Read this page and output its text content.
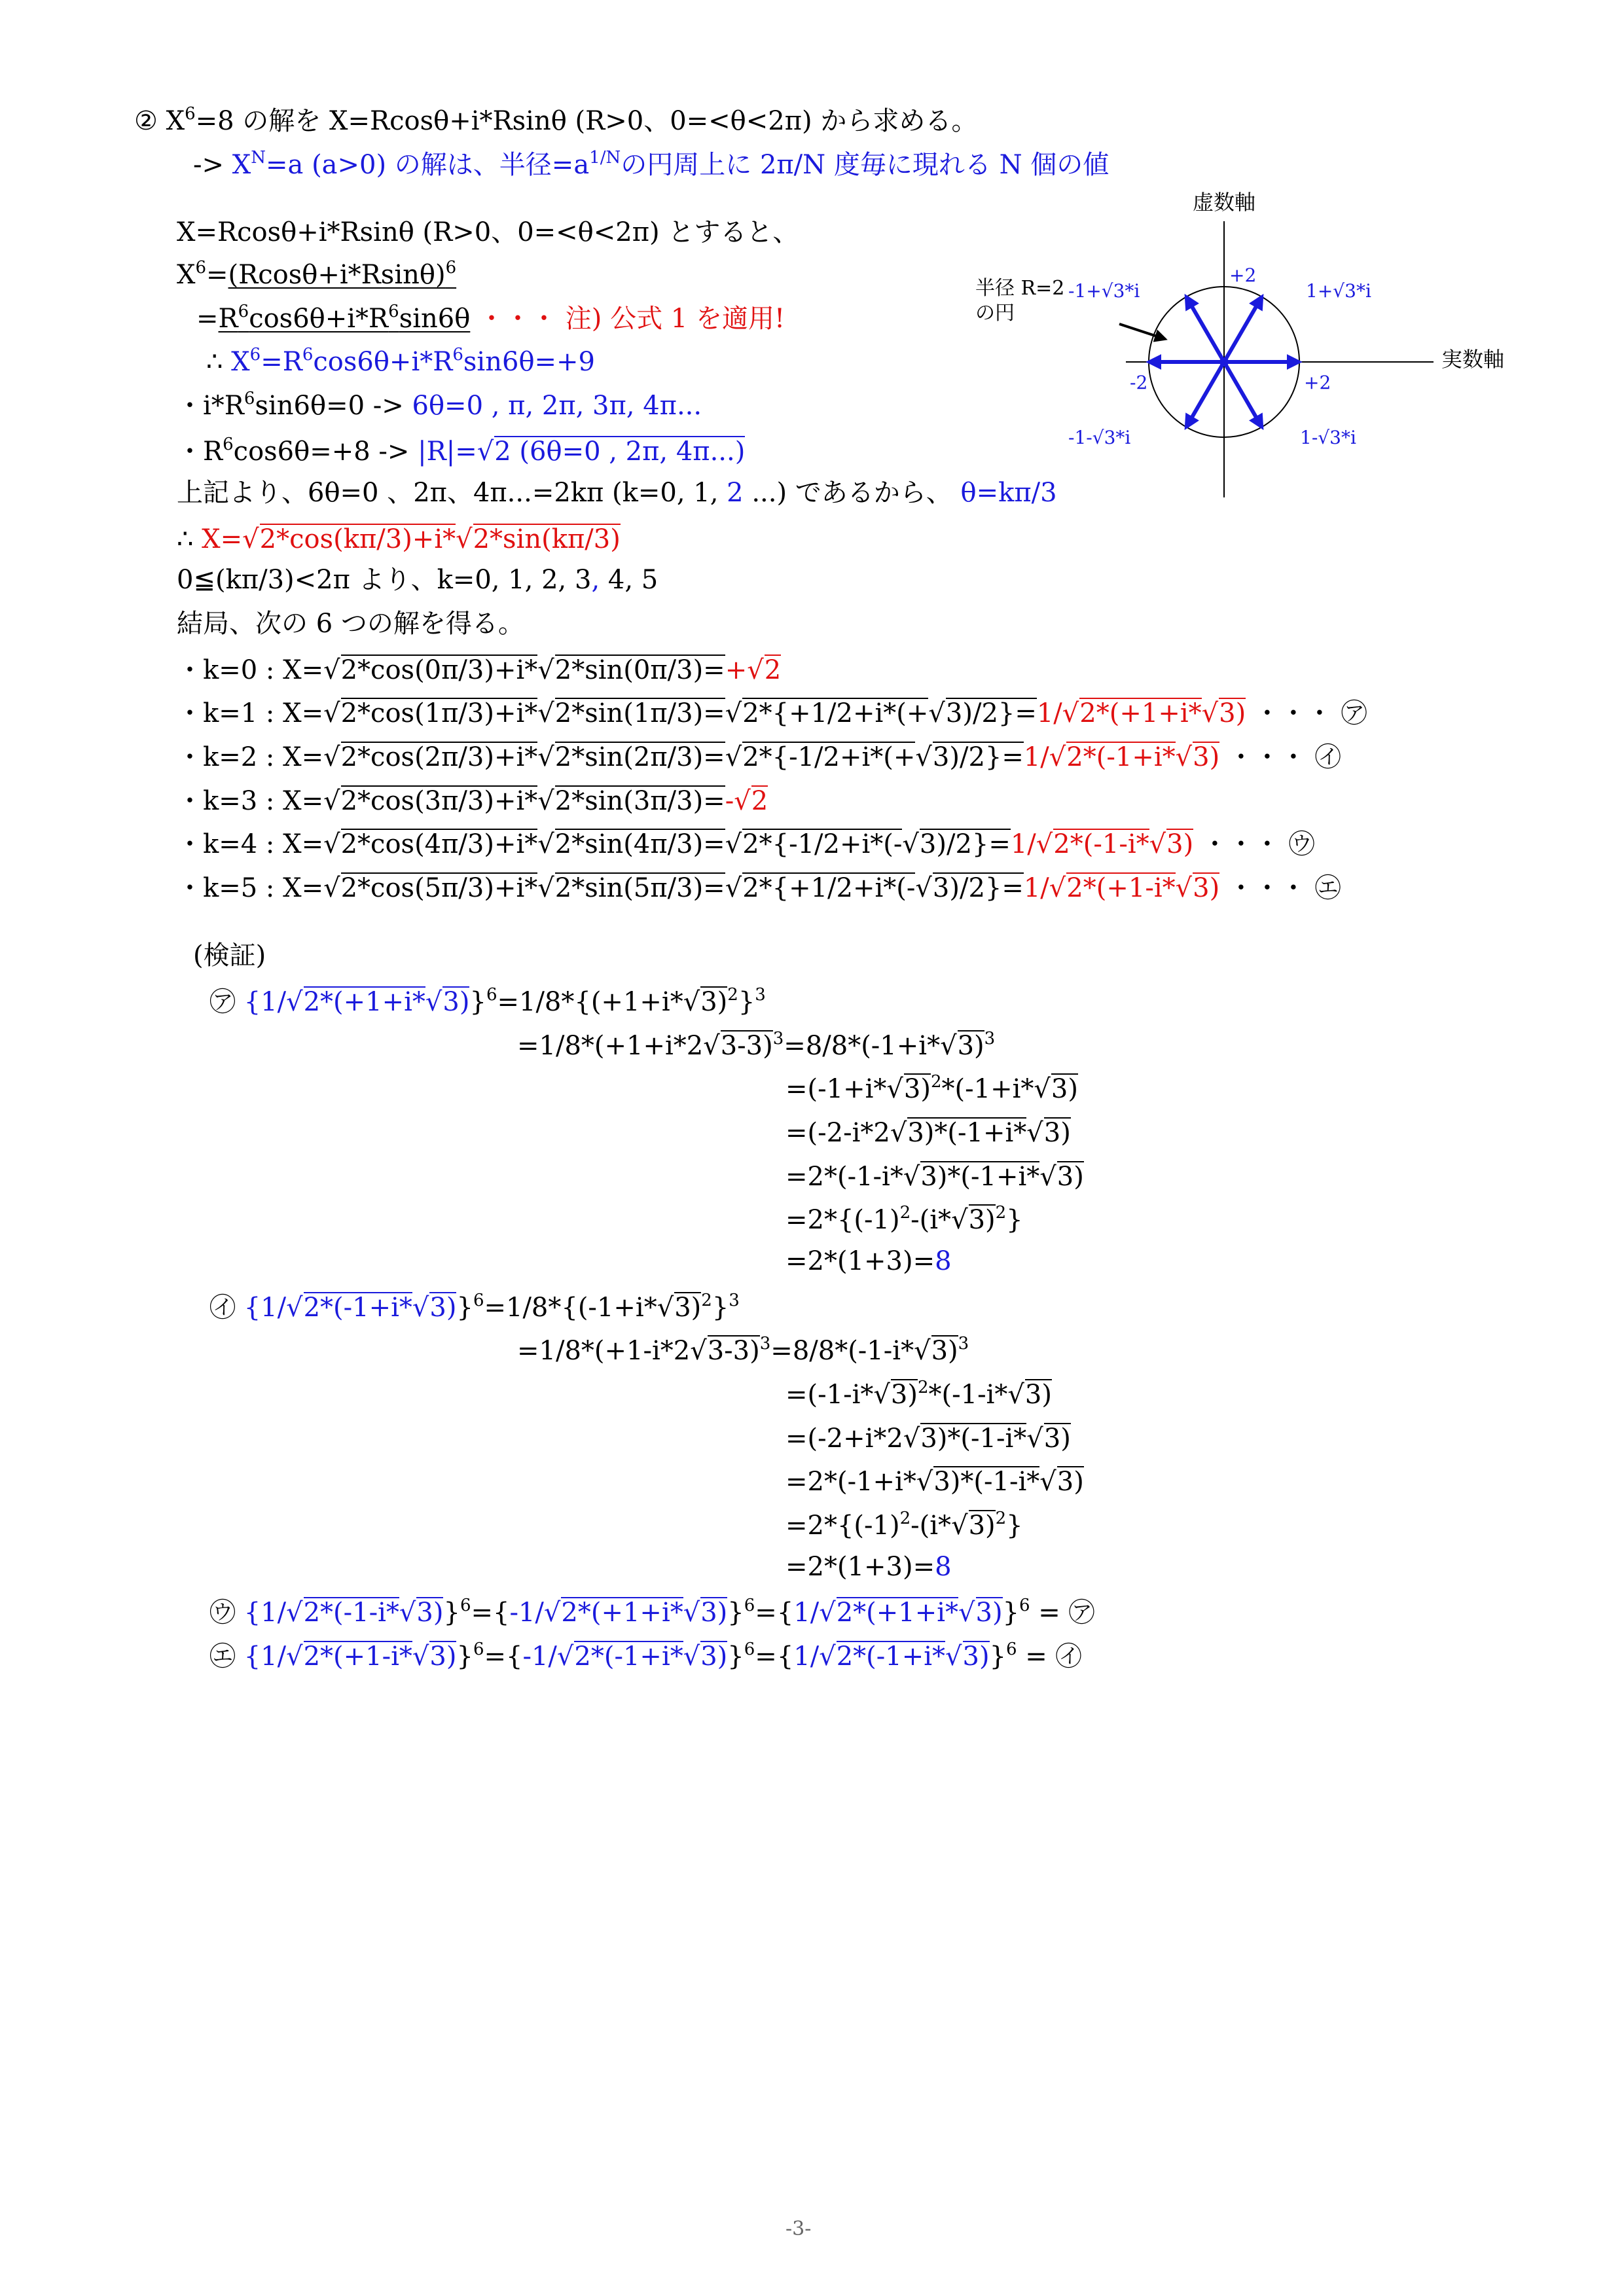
② $X^6=8$ の解を X=Rcosθ+i*Rsinθ (R>0、0=<θ<2π) から求める。
-> $X^N=a$ (a>0) の解は、半径$=a^{1/N}$の円周上に 2π/N 度毎に現れる N 個の値
X=Rcosθ+i*Rsinθ (R>0、0=<θ<2π) とすると、
$X^6=(Rcos\theta+i*Rsin\theta)^6$
$=R^6\cos 6\theta+i*R^6\sin 6\theta$ ・・・ 注) 公式 1 を適用!
∴ $X^6=R^6\cos 6\theta+i*R^6\sin 6\theta=+9$
・$i*R^6\sin 6\theta=0 -> 6\theta=0$ , π, 2π, 3π, 4π...
・$R^6\cos 6\theta=+8 -> |R|=√2$ (6θ=0 , 2π, 4π...)
上記より、6θ=0 、2π、4π...=2kπ (k=0, 1, 2 ...) であるから、 θ=kπ/3
∴ X=√2*cos(kπ/3)+i*√2*sin(kπ/3)
0≦(kπ/3)<2π より、k=0, 1, 2, 3, 4, 5
結局、次の 6 つの解を得る。
・k=0 : X=√2*cos(0π/3)+i*√2*sin(0π/3)=+√2
・k=1 : X=√2*cos(1π/3)+i*√2*sin(1π/3)=√2*{+1/2+i*(+√3)/2}=1/√2*(+1+i*√3) ・・・ ㋐
・k=2 : X=√2*cos(2π/3)+i*√2*sin(2π/3)=√2*{-1/2+i*(+√3)/2}=1/√2*(-1+i*√3) ・・・ ㋑
・k=3 : X=√2*cos(3π/3)+i*√2*sin(3π/3)=-√2
・k=4 : X=√2*cos(4π/3)+i*√2*sin(4π/3)=√2*{-1/2+i*(-√3)/2}=1/√2*(-1-i*√3) ・・・ ㋒
・k=5 : X=√2*cos(5π/3)+i*√2*sin(5π/3)=√2*{+1/2+i*(-√3)/2}=1/√2*(+1-i*√3) ・・・ ㋓
(検証)
㋐ $\{1/√2*(+1+i*√3)\}^6=1/8*\{(+1+i*√3)^2\}^3$
$=1/8*(+1+i*2√3-3)^3=8/8*(-1+i*√3)^3$
$=(-1+i*√3)^2*(-1+i*√3)$
=(-2-i*2√3)*(-1+i*√3)
=2*(-1-i*√3)*(-1+i*√3)
$=2*\{(-1)^2-(i*√3)^2\}$
=2*(1+3)=8
㋑ $\{1/√2*(-1+i*√3)\}^6=1/8*\{(-1+i*√3)^2\}^3$
$=1/8*(+1-i*2√3-3)^3=8/8*(-1-i*√3)^3$
$=(-1-i*√3)^2*(-1-i*√3)$
=(-2+i*2√3)*(-1-i*√3)
=2*(-1+i*√3)*(-1-i*√3)
$=2*\{(-1)^2-(i*√3)^2\}$
=2*(1+3)=8
㋒ $\{1/√2*(-1-i*√3)\}^6=\{-1/√2*(+1+i*√3)\}^6=\{1/√2*(+1+i*√3)\}^6$ = ㋐
㋓ $\{1/√2*(+1-i*√3)\}^6=\{-1/√2*(-1+i*√3)\}^6=\{1/√2*(-1+i*√3)\}^6$ = ㋑
虚数軸
実数軸
半径 R=2
の円
+2
+2
-2
-1+√3*i	1+√3*i
-1-√3*i	1-√3*i
-3-
